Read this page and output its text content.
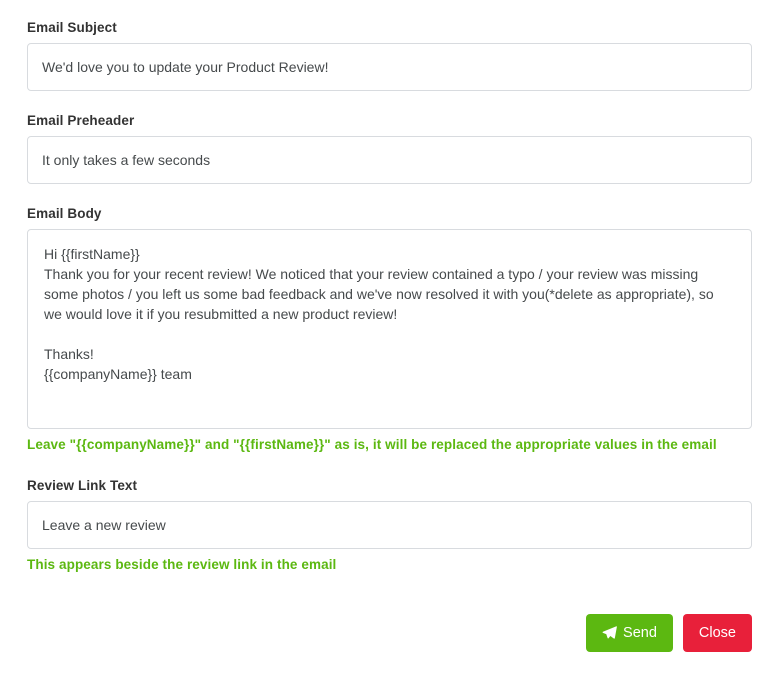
Email Subject
We'd love you to update your Product Review!
Email Preheader
It only takes a few seconds
Email Body
Hi {{firstName}} Thank you for your recent review! We noticed that your review contained a typo / your review was missing some photos / you left us some bad feedback and we've now resolved it with you(*delete as appropriate), so we would love it if you resubmitted a new product review! Thanks! {{companyName}} team
Leave "{{companyName}}" and "{{firstName}}" as is, it will be replaced the appropriate values in the email
Review Link Text
Leave a new review
This appears beside the review link in the email
Send	Close
